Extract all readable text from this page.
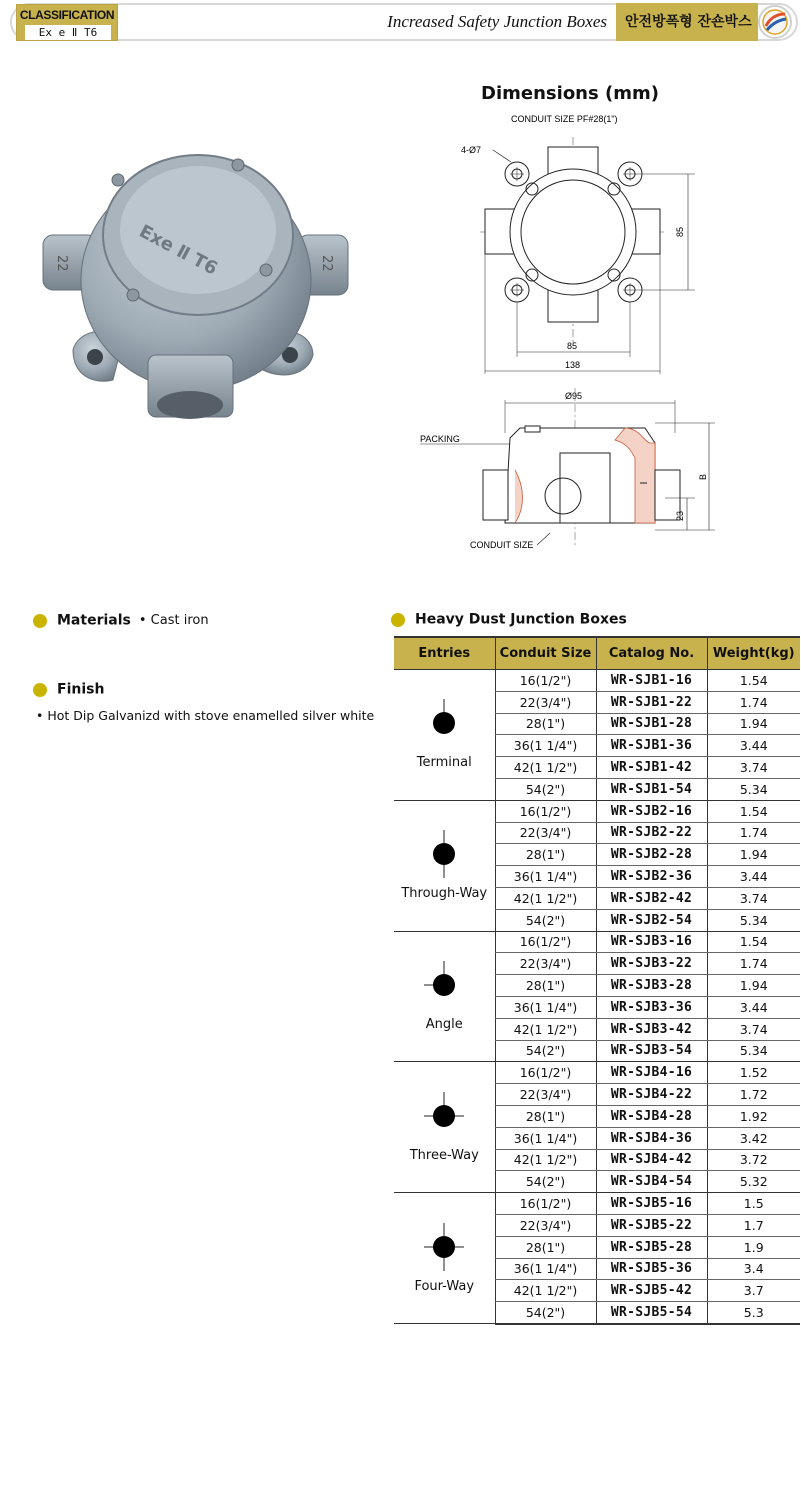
CLASSIFICATION
Ex e Ⅱ T6
Increased Safety Junction Boxes	안전방폭형 잔숀박스
Dimensions (mm)
22	22
Exe Ⅱ T6
CONDUIT SIZE PF#28(1")
4-Ø7
85
85
138
Ø95
PACKING
B
23
CONDUIT SIZE
Materials • Cast iron
Finish
• Hot Dip Galvanizd with stove enamelled silver white
Heavy Dust Junction Boxes
Entries	Conduit Size	Catalog No.	Weight(kg)

Terminal	16(1/2")	WR-SJB1-16	1.54
	22(3/4")	WR-SJB1-22	1.74
	28(1")	WR-SJB1-28	1.94
	36(1 1/4")	WR-SJB1-36	3.44
	42(1 1/2")	WR-SJB1-42	3.74
	54(2")	WR-SJB1-54	5.34

Through-Way	16(1/2")	WR-SJB2-16	1.54
	22(3/4")	WR-SJB2-22	1.74
	28(1")	WR-SJB2-28	1.94
	36(1 1/4")	WR-SJB2-36	3.44
	42(1 1/2")	WR-SJB2-42	3.74
	54(2")	WR-SJB2-54	5.34

Angle	16(1/2")	WR-SJB3-16	1.54
	22(3/4")	WR-SJB3-22	1.74
	28(1")	WR-SJB3-28	1.94
	36(1 1/4")	WR-SJB3-36	3.44
	42(1 1/2")	WR-SJB3-42	3.74
	54(2")	WR-SJB3-54	5.34

Three-Way	16(1/2")	WR-SJB4-16	1.52
	22(3/4")	WR-SJB4-22	1.72
	28(1")	WR-SJB4-28	1.92
	36(1 1/4")	WR-SJB4-36	3.42
	42(1 1/2")	WR-SJB4-42	3.72
	54(2")	WR-SJB4-54	5.32

Four-Way	16(1/2")	WR-SJB5-16	1.5
	22(3/4")	WR-SJB5-22	1.7
	28(1")	WR-SJB5-28	1.9
	36(1 1/4")	WR-SJB5-36	3.4
	42(1 1/2")	WR-SJB5-42	3.7
	54(2")	WR-SJB5-54	5.3
